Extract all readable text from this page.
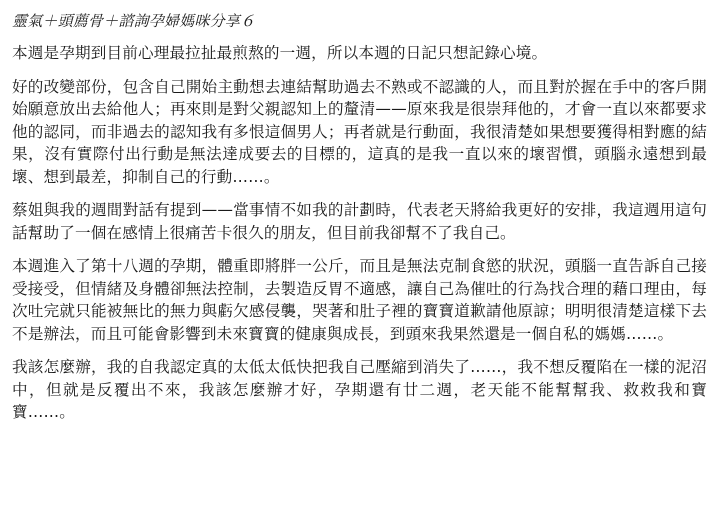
靈氣＋頭薦骨＋諮詢孕婦媽咪分享６

本週是孕期到目前心理最拉扯最煎熬的一週，所以本週的日記只想記錄心境。

好的改變部份，包含自己開始主動想去連結幫助過去不熟或不認識的人，而且對於握在手中的客戶開始願意放出去給他人；再來則是對父親認知上的釐清——原來我是很崇拜他的，才會一直以來都要求他的認同，而非過去的認知我有多恨這個男人；再者就是行動面，我很清楚如果想要獲得相對應的結果，沒有實際付出行動是無法達成要去的目標的，這真的是我一直以來的壞習慣，頭腦永遠想到最壞、想到最差，抑制自己的行動……。

蔡姐與我的週間對話有提到——當事情不如我的計劃時，代表老天將給我更好的安排，我這週用這句話幫助了一個在感情上很痛苦卡很久的朋友，但目前我卻幫不了我自己。

本週進入了第十八週的孕期，體重即將胖一公斤，而且是無法克制食慾的狀況，頭腦一直告訴自己接受接受，但情緒及身體卻無法控制，去製造反胃不適感，讓自己為催吐的行為找合理的藉口理由，每次吐完就只能被無比的無力與虧欠感侵襲，哭著和肚子裡的寶寶道歉請他原諒；明明很清楚這樣下去不是辦法，而且可能會影響到未來寶寶的健康與成長，到頭來我果然還是一個自私的媽媽……。

我該怎麼辦，我的自我認定真的太低太低快把我自己壓縮到消失了……，我不想反覆陷在一樣的泥沼中，但就是反覆出不來，我該怎麼辦才好，孕期還有廿二週，老天能不能幫幫我、救救我和寶寶……。
